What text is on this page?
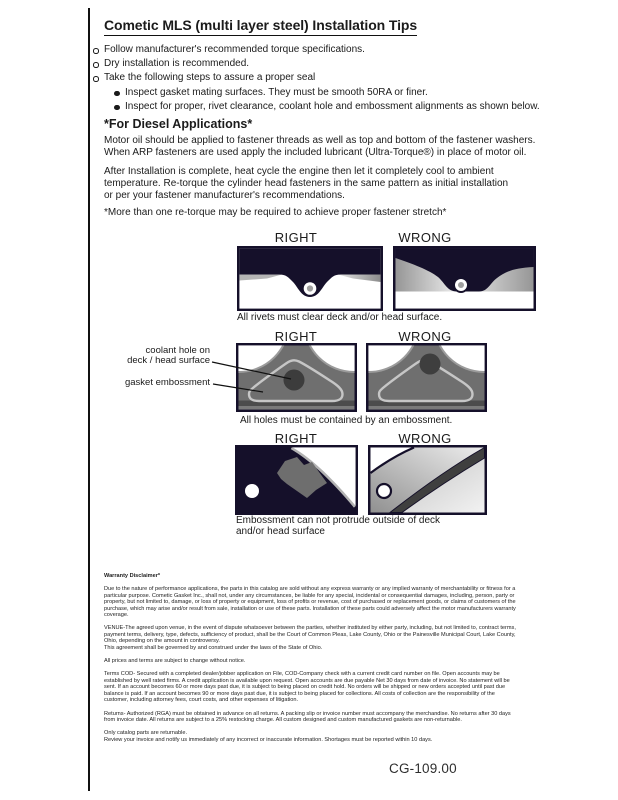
Cometic MLS (multi layer steel) Installation Tips
Follow manufacturer's recommended torque specifications.
Dry installation is recommended.
Take the following steps to assure a proper seal
Inspect gasket mating surfaces. They must be smooth 50RA or finer.
Inspect for proper, rivet clearance, coolant hole and embossment alignments as shown below.
*For Diesel Applications*
Motor oil should be applied to fastener threads as well as top and bottom of the fastener washers.
When ARP fasteners are used apply the included lubricant (Ultra-Torque®) in place of motor oil.
After Installation is complete, heat cycle the engine then let it completely cool to ambient
temperature. Re-torque the cylinder head fasteners in the same pattern as initial installation
or per your fastener manufacturer's recommendations.
*More than one re-torque may be required to achieve proper fastener stretch*
RIGHT	WRONG
All rivets must clear deck and/or head surface.
RIGHT	WRONG
coolant hole on
deck / head surface
gasket embossment
All holes must be contained by an embossment.
RIGHT	WRONG
Embossment can not protrude outside of deck and/or head surface

Warranty Disclaimer*

Due to the nature of performance applications, the parts in this catalog are sold without any express warranty or any implied warranty of merchantability or fitness for a particular purpose. Cometic Gasket Inc., shall not, under any circumstances, be liable for any special, incidental or consequential damages, including, person, party or property, but not limited to, damage, or loss of property or equipment, loss of profits or revenue, cost of purchased or replacement goods, or claims of customers of the purchase, which may arise and/or result from sale, installation or use of these parts. Installation of these parts could adversely affect the motor manufacturers warranty coverage.

VENUE-The agreed upon venue, in the event of dispute whatsoever between the parties, whether instituted by either party, including, but not limited to, contract terms, payment terms, delivery, type, defects, sufficiency of product, shall be the Court of Common Pleas, Lake County, Ohio or the Painesville Municipal Court, Lake County, Ohio, depending on the amount in controversy.

This agreement shall be governed by and construed under the laws of the State of Ohio.

All prices and terms are subject to change without notice.

Terms COD- Secured with a completed dealer/jobber application on File, COD-Company check with a current credit card number on file. Open accounts may be established by well rated firms. A credit application is available upon request. Open accounts are due payable Net 30 days from date of invoice. No statement will be sent. If an account becomes 60 or more days past due, it is subject to being placed on credit hold. No orders will be shipped or new orders accepted until past due balance is paid. If an account becomes 90 or more days past due, it is subject to being placed for collections. All costs of collection are the responsibility of the customer, including attorney fees, court costs, and other expenses of litigation.

Returns- Authorized (RGA) must be obtained in advance on all returns. A packing slip or invoice number must accompany the merchandise. No returns after 30 days from invoice date. All returns are subject to a 25% restocking charge. All custom designed and custom manufactured gaskets are non-returnable.

Only catalog parts are returnable.

Review your invoice and notify us immediately of any incorrect or inaccurate information. Shortages must be reported within 10 days.

CG-109.00
